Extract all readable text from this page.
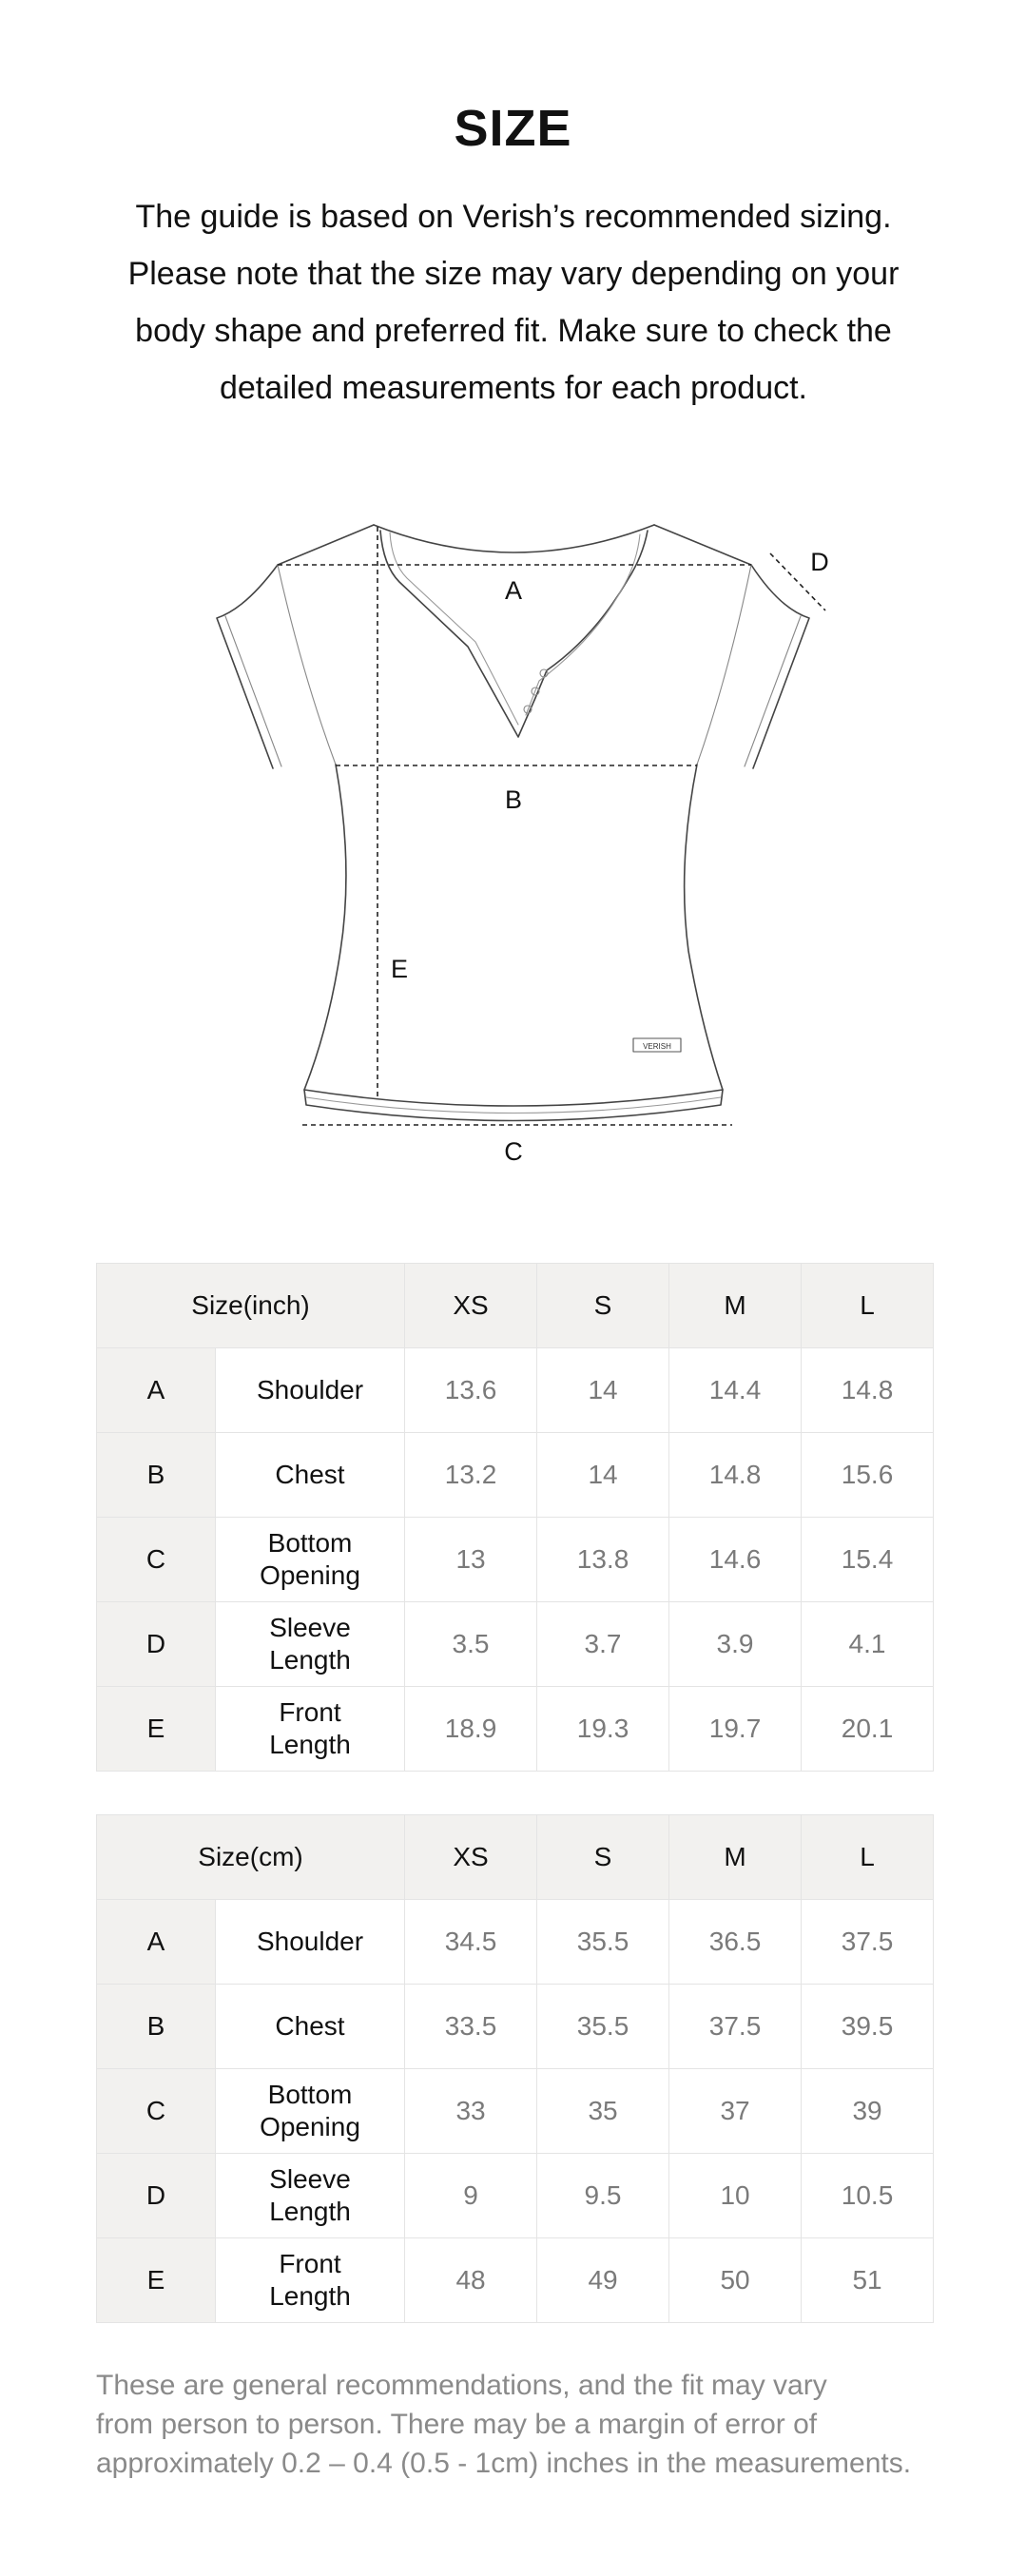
SIZE
The guide is based on Verish’s recommended sizing.
Please note that the size may vary depending on your
body shape and preferred fit. Make sure to check the
detailed measurements for each product.
VERISH
A
B
C
D
E
Size(inch)		XS	S	M	L
A	Shoulder	13.6	14	14.4	14.8
B	Chest	13.2	14	14.8	15.6
C	Bottom
Opening	13	13.8	14.6	15.4
D	Sleeve
Length	3.5	3.7	3.9	4.1
E	Front
Length	18.9	19.3	19.7	20.1
Size(cm)		XS	S	M	L
A	Shoulder	34.5	35.5	36.5	37.5
B	Chest	33.5	35.5	37.5	39.5
C	Bottom
Opening	33	35	37	39
D	Sleeve
Length	9	9.5	10	10.5
E	Front
Length	48	49	50	51
These are general recommendations, and the fit may vary
from person to person. There may be a margin of error of
approximately 0.2 – 0.4 (0.5 - 1cm) inches in the measurements.
